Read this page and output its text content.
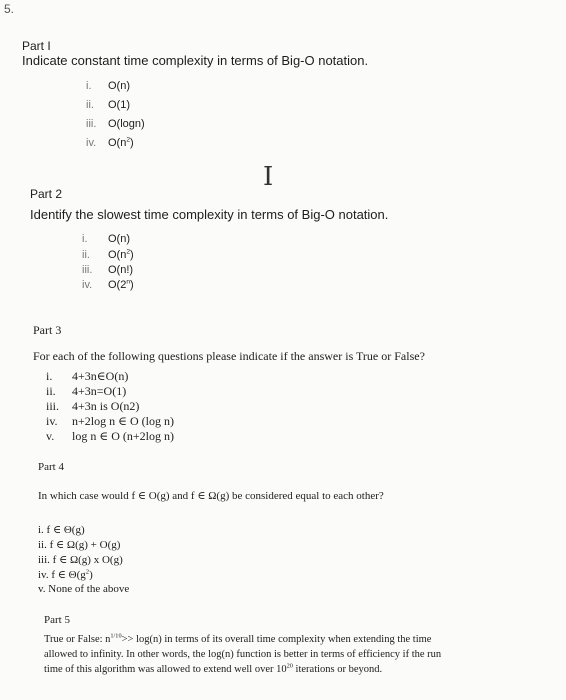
5.
Part I
Indicate constant time complexity in terms of Big-O notation.
i. O(n)
ii. O(1)
iii. O(logn)
iv. $O(n^2)$
I
Part 2
Identify the slowest time complexity in terms of Big-O notation.
i. O(n)
ii. $O(n^2)$
iii. O(n!)
iv. O(2$^n$)
Part 3
For each of the following questions please indicate if the answer is True or False?
i. 4+3n∈O(n)
ii. 4+3n=O(1)
iii. 4+3n is O(n2)
iv. n+2log n ∈ O (log n)
v. log n ∈ O (n+2log n)
Part 4
In which case would f ∈ O(g) and f ∈ Ω(g) be considered equal to each other?
i. f ∈ Θ(g)
ii. f ∈ Ω(g) + O(g)
iii. f ∈ Ω(g) x O(g)
iv. f ∈ $\Theta(g^2)$
v. None of the above
Part 5
True or False: $n^{1/10}>> \log(n)$ in terms of its overall time complexity when extending the time
allowed to infinity. In other words, the log(n) function is better in terms of efficiency if the run
time of this algorithm was allowed to extend well over $10^{20}$ iterations or beyond.
